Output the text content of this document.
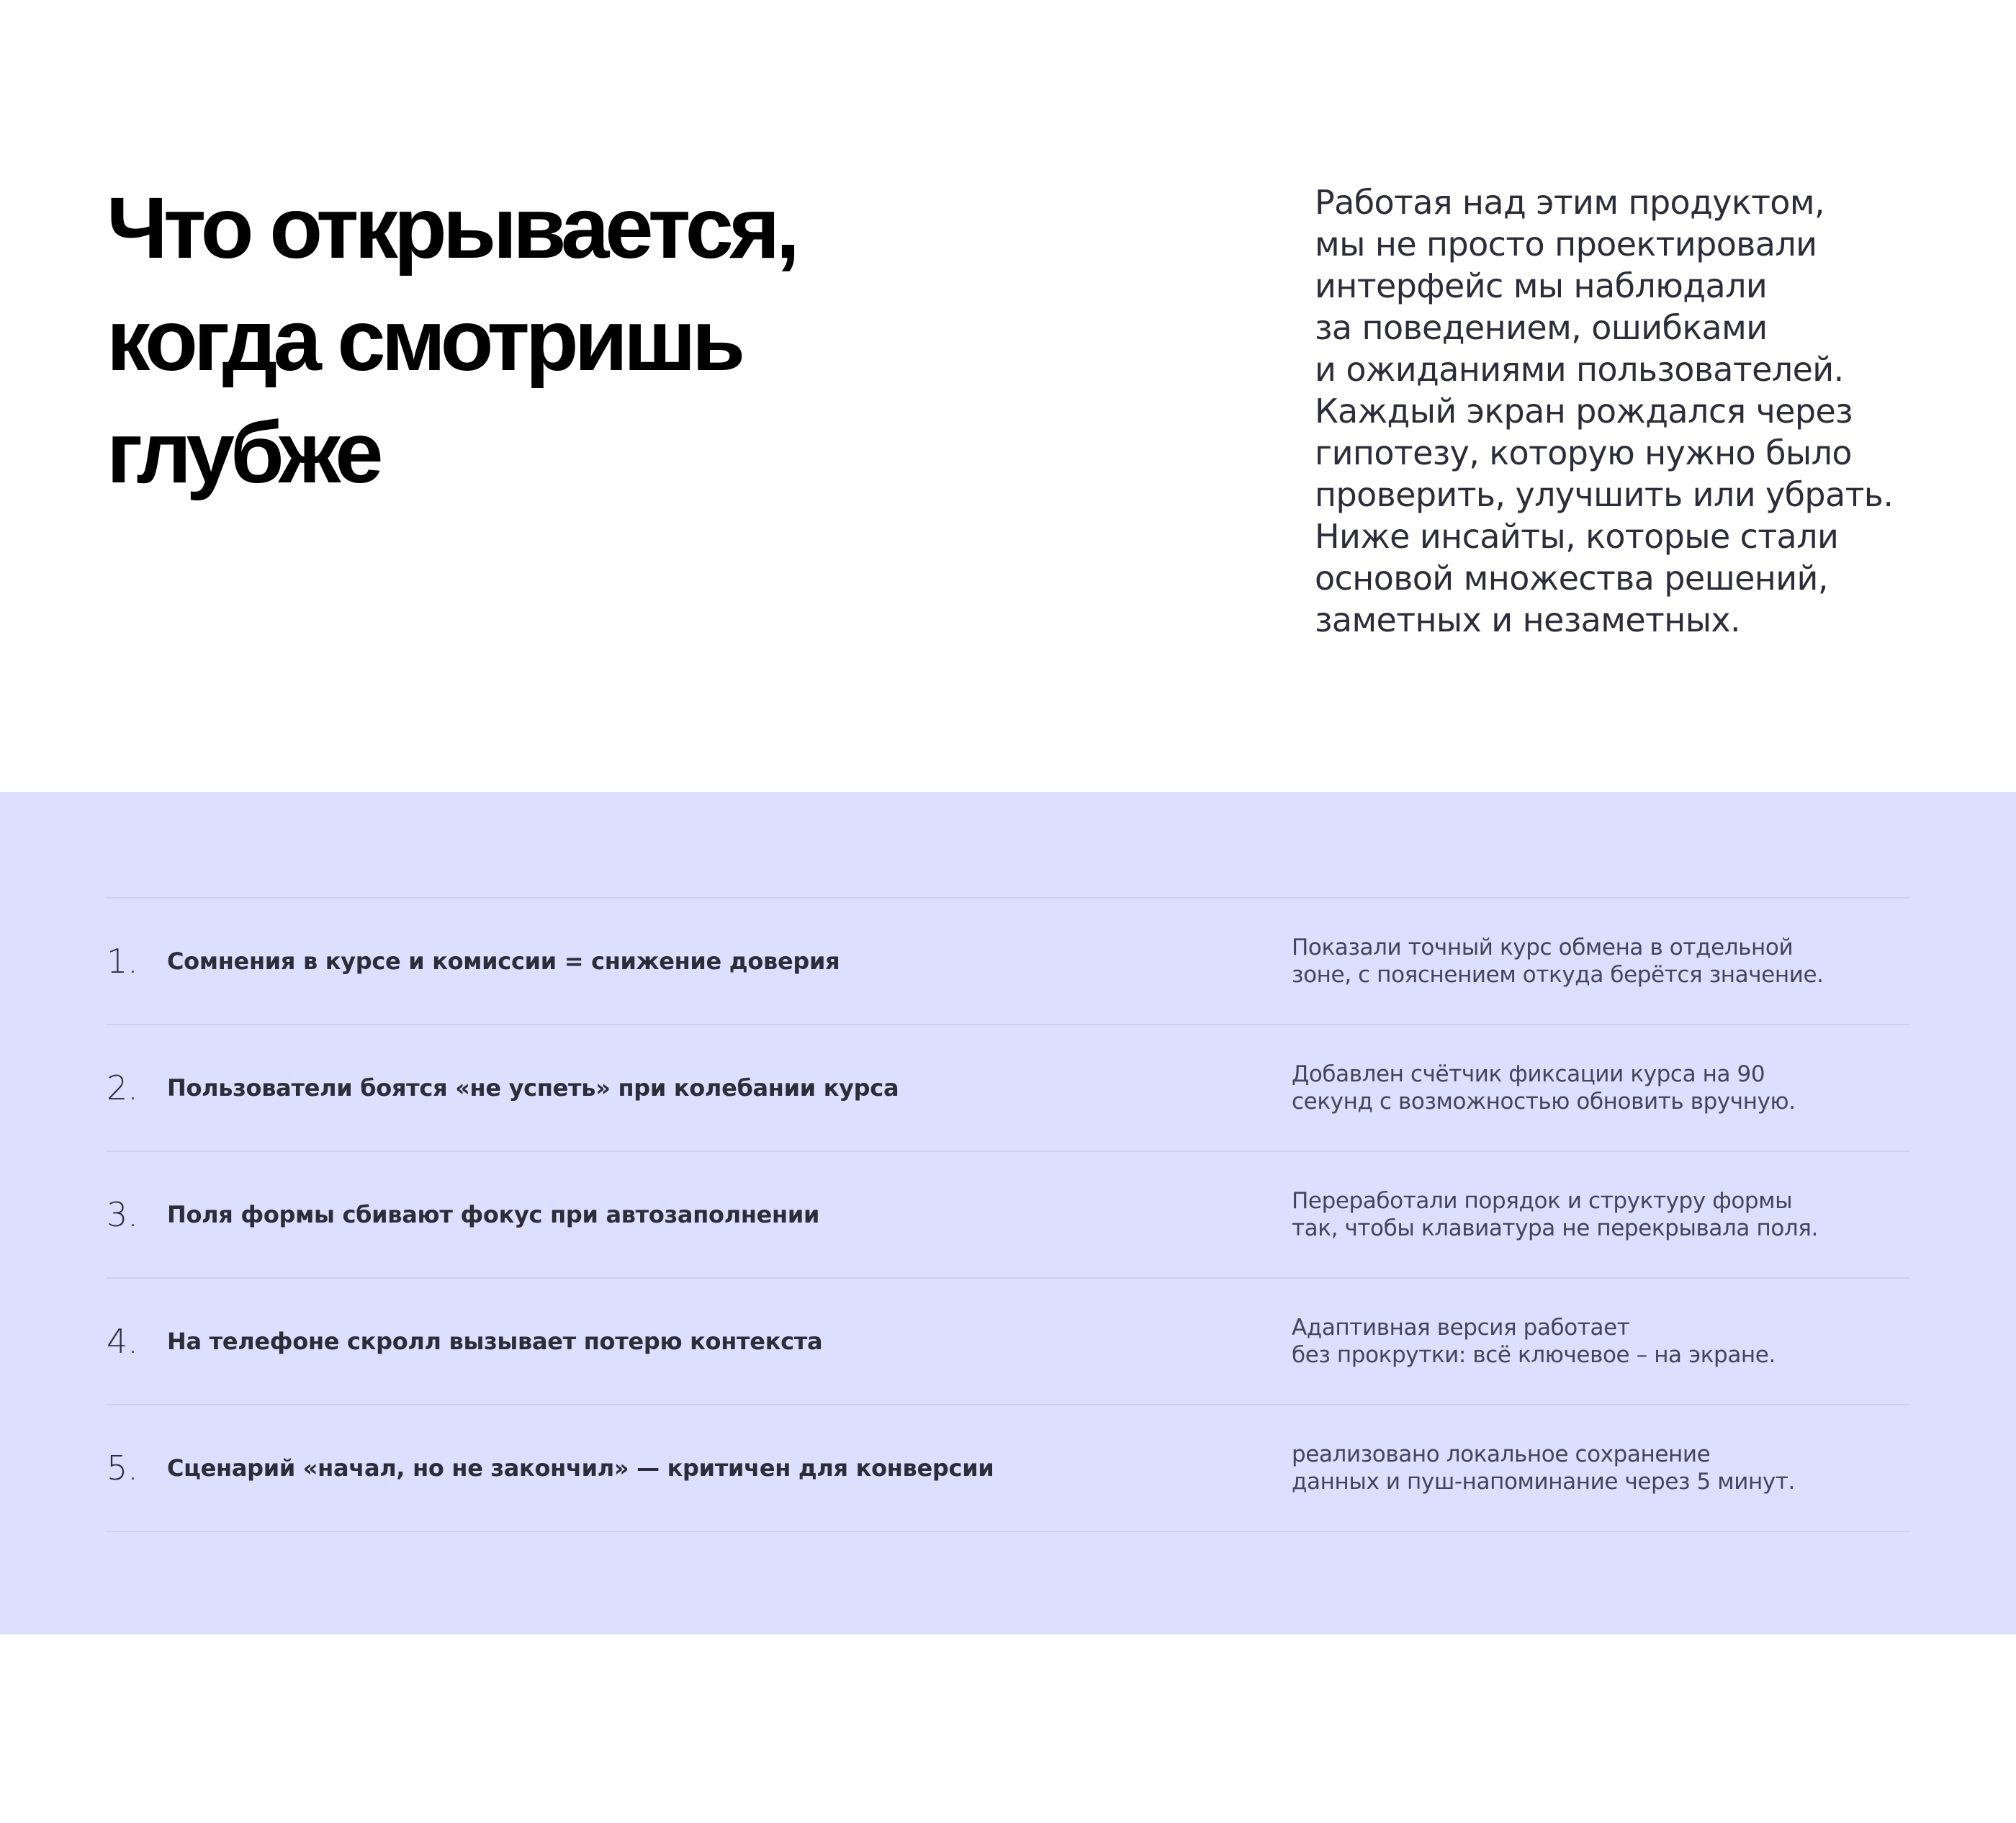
Что открывается,
когда смотришь
глубже

Работая над этим продуктом,
мы не просто проектировали
интерфейс мы наблюдали
за поведением, ошибками
и ожиданиями пользователей.
Каждый экран рождался через
гипотезу, которую нужно было
проверить, улучшить или убрать.
Ниже инсайты, которые стали
основой множества решений,
заметных и незаметных.

1. Сомнения в курсе и комиссии = снижение доверия	Показали точный курс обмена в отдельной
зоне, с пояснением откуда берётся значение.

2. Пользователи боятся «не успеть» при колебании курса	Добавлен счётчик фиксации курса на 90
секунд с возможностью обновить вручную.

3. Поля формы сбивают фокус при автозаполнении	Переработали порядок и структуру формы
так, чтобы клавиатура не перекрывала поля.

4. На телефоне скролл вызывает потерю контекста	Адаптивная версия работает
без прокрутки: всё ключевое – на экране.

5. Сценарий «начал, но не закончил» — критичен для конверсии	реализовано локальное сохранение
данных и пуш-напоминание через 5 минут.
